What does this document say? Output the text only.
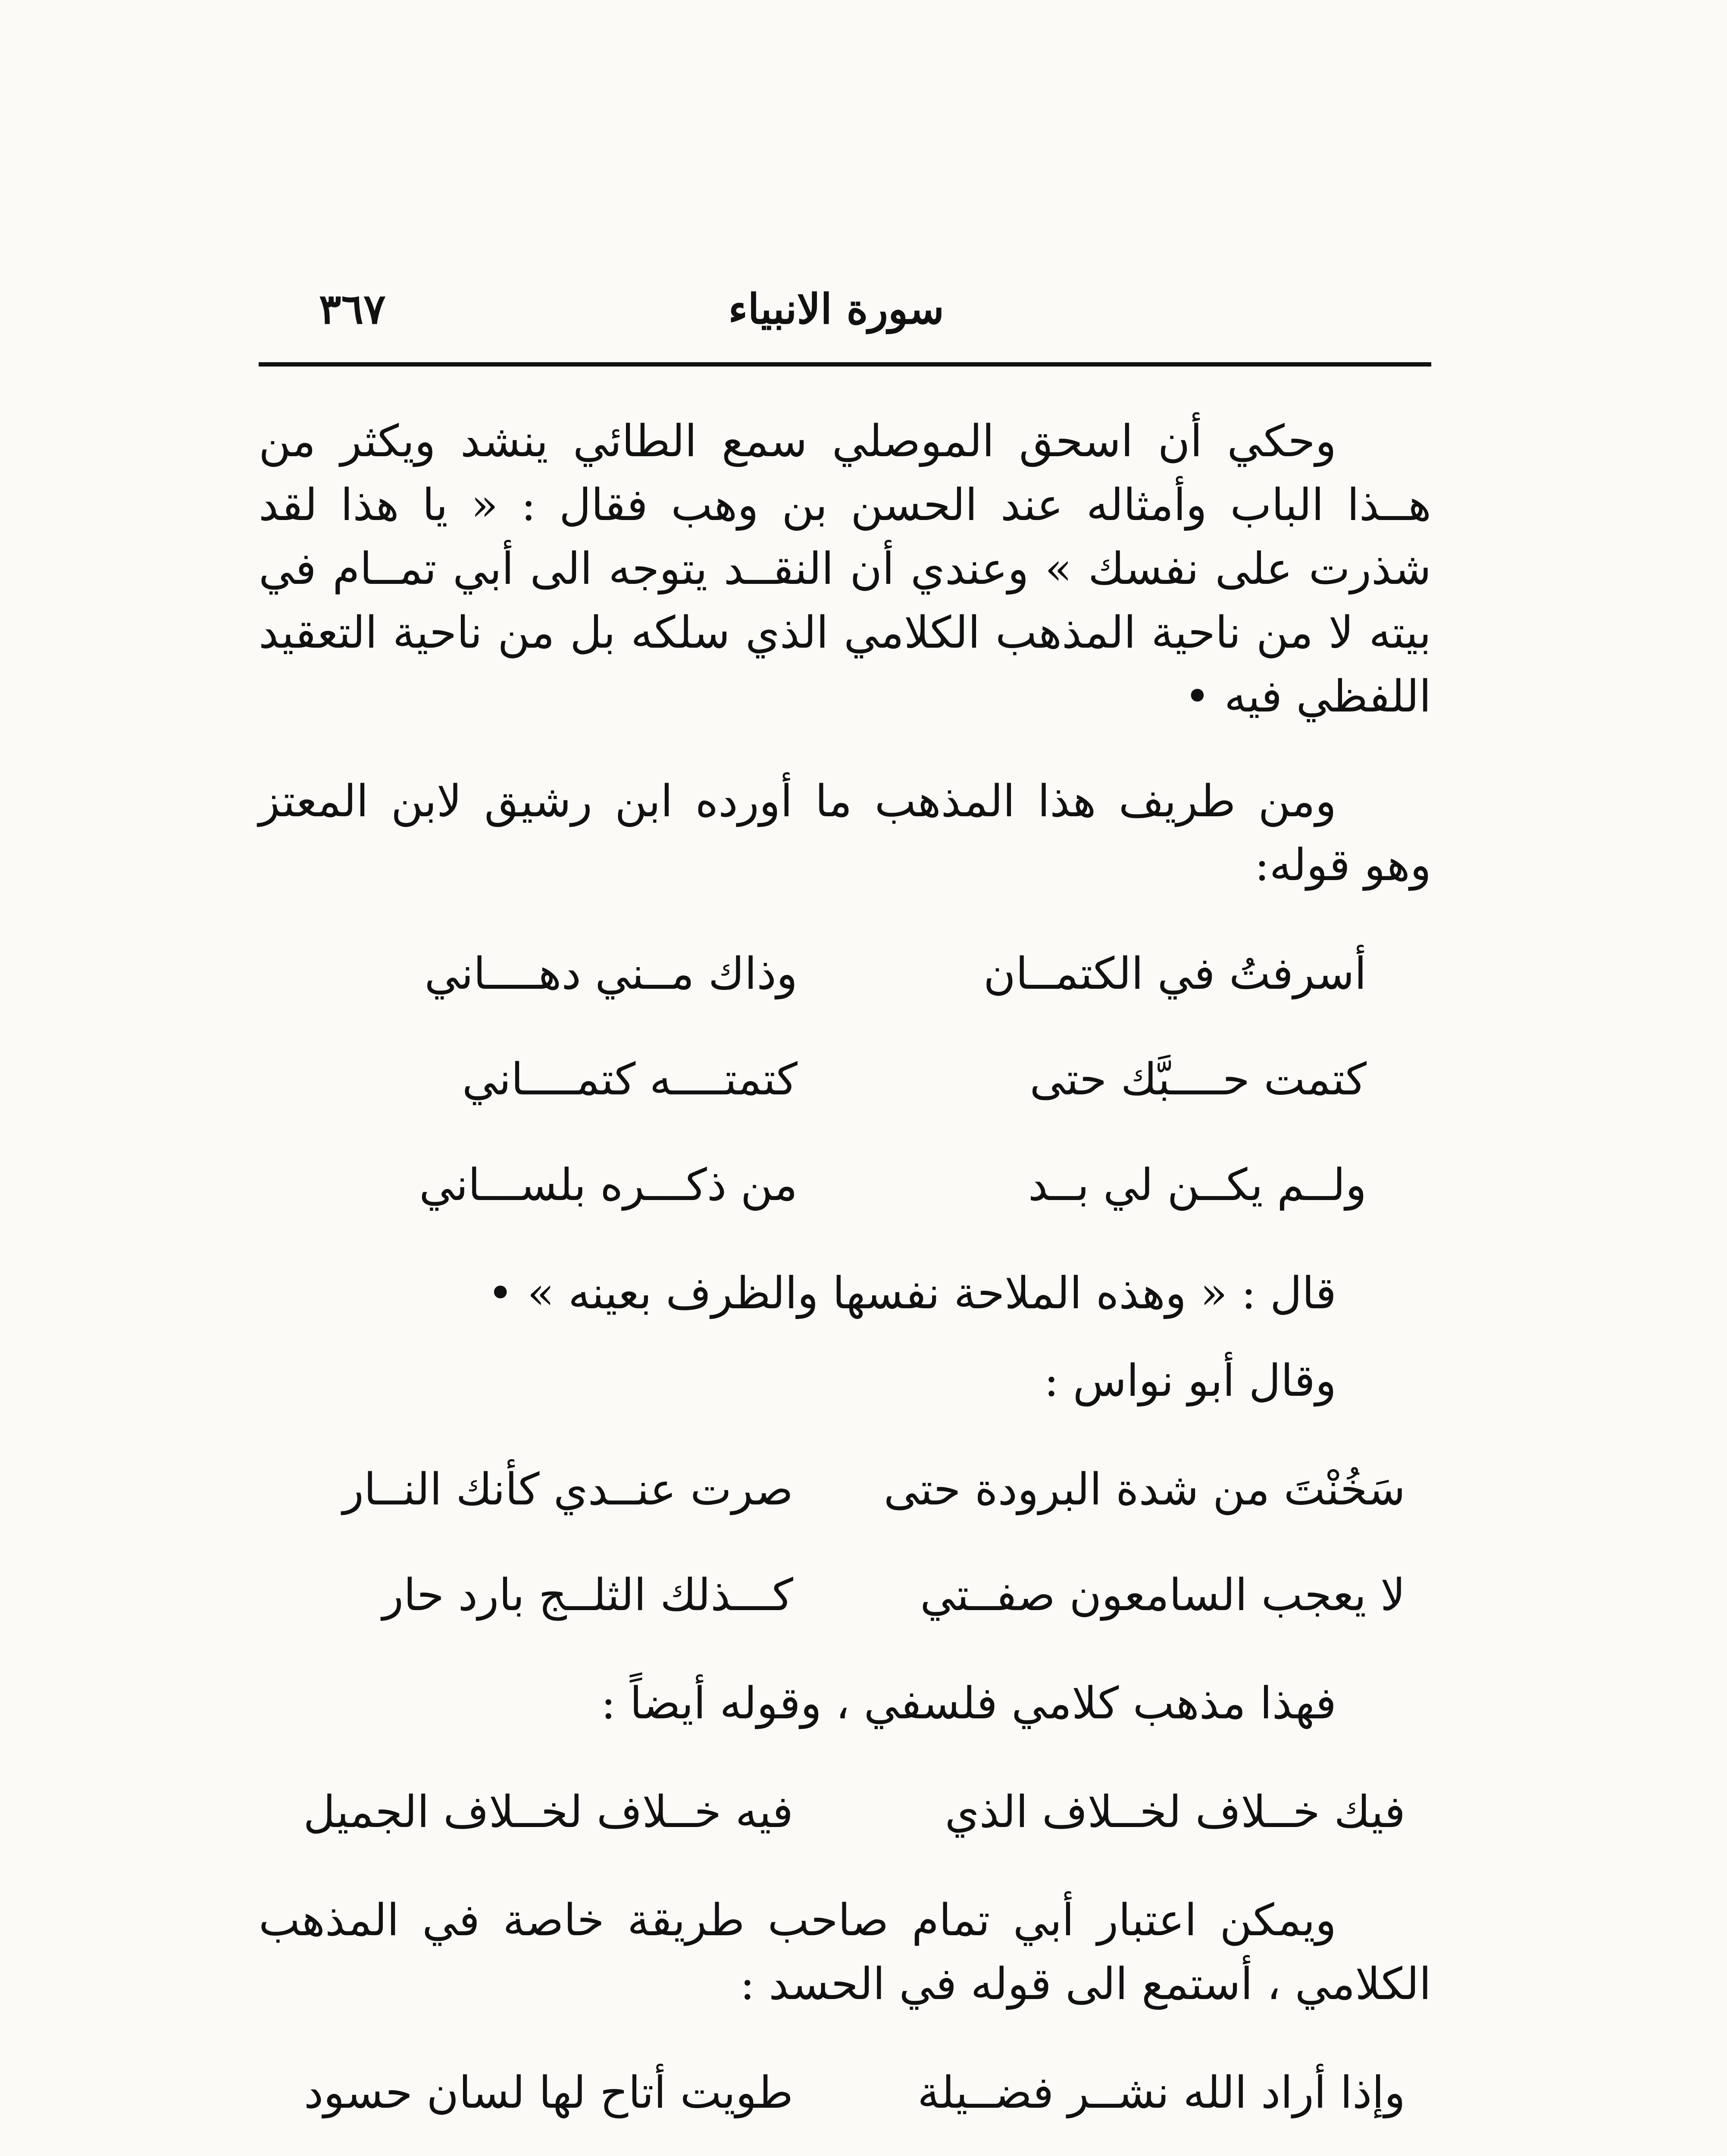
سورة الانبياء
٣٦٧

وحكي أن اسحق الموصلي سمع الطائي ينشد ويكثر من هــذا الباب وأمثاله عند الحسن بن وهب فقال : « يا هذا لقد شذرت على نفسك » وعندي أن النقــد يتوجه الى أبي تمــام في بيته لا من ناحية المذهب الكلامي الذي سلكه بل من ناحية التعقيد اللفظي فيه •

ومن طريف هذا المذهب ما أورده ابن رشيق لابن المعتز وهو قوله:

أسرفتُ في الكتمــان
وذاك مــني دهــــاني
كتمت حــــبَّك حتى
كتمتــــه كتمــــاني
ولــم يكــن لي بــد
من ذكـــره بلســـاني

قال : « وهذه الملاحة نفسها والظرف بعينه » •

وقال أبو نواس :

سَخُنْتَ من شدة البرودة حتى
صرت عنــدي كأنك النــار
لا يعجب السامعون صفــتي
كـــذلك الثلــج بارد حار

فهذا مذهب كلامي فلسفي ، وقوله أيضاً :

فيك خــلاف لخــلاف الذي
فيه خــلاف لخــلاف الجميل

ويمكن اعتبار أبي تمام صاحب طريقة خاصة في المذهب الكلامي ، أستمع الى قوله في الحسد :

وإذا أراد الله نشــر فضــيلة
طويت أتاح لها لسان حسود
